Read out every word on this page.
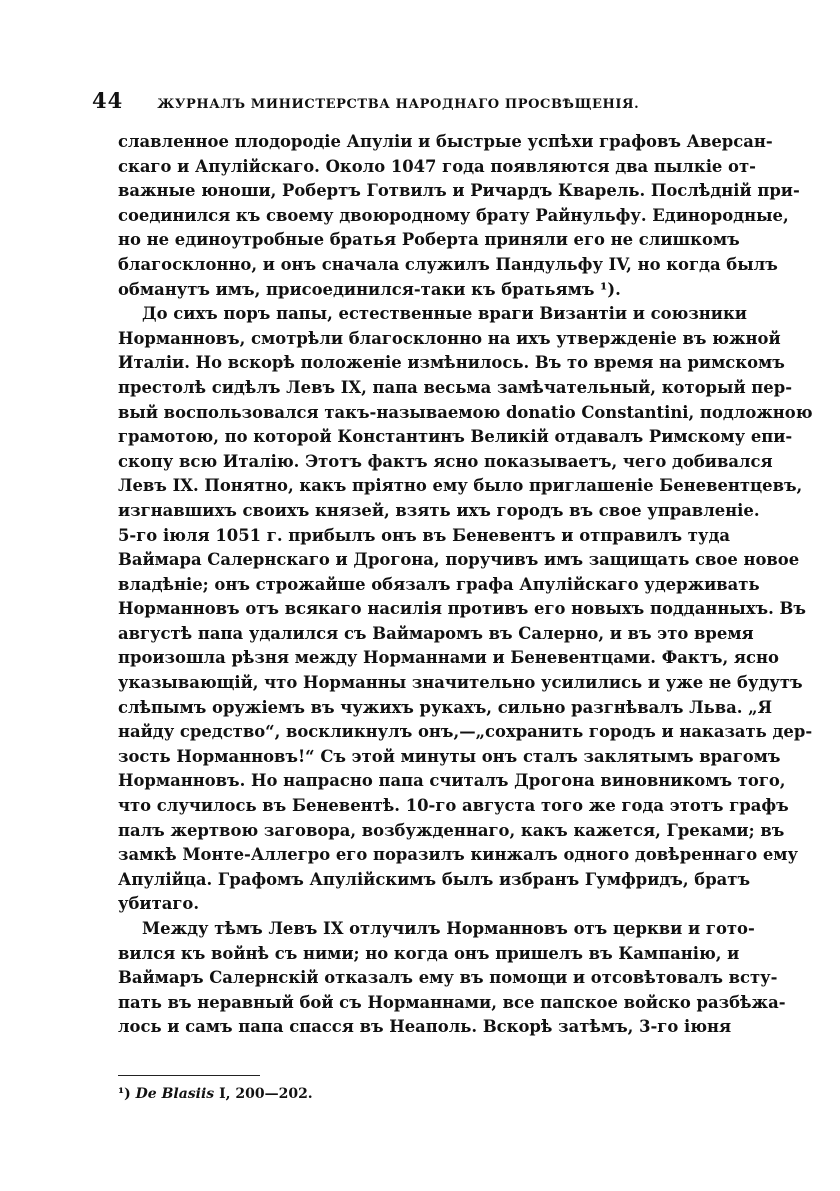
44	ЖУРНАЛЪ МИНИСТЕРСТВА НАРОДНАГО ПРОСВѢЩЕНІЯ.
славленное плодородіе Апуліи и быстрые успѣхи графовъ Аверсан-
скаго и Апулійскаго. Около 1047 года появляются два пылкіе от-
важные юноши, Робертъ Готвилъ и Ричардъ Кварель. Послѣдній при-
соединился къ своему двоюродному брату Райнульфу. Единородные,
но не единоутробные братья Роберта приняли его не слишкомъ
благосклонно, и онъ сначала служилъ Пандульфу IV, но когда былъ
обманутъ имъ, присоединился-таки къ братьямъ ¹).
До сихъ поръ папы, естественные враги Византіи и союзники
Норманновъ, смотрѣли благосклонно на ихъ утвержденіе въ южной
Италіи. Но вскорѣ положеніе измѣнилось. Въ то время на римскомъ
престолѣ сидѣлъ Левъ IX, папа весьма замѣчательный, который пер-
вый воспользовался такъ-называемою donatio Constantini, подложною
грамотою, по которой Константинъ Великій отдавалъ Римскому епи-
скопу всю Италію. Этотъ фактъ ясно показываетъ, чего добивался
Левъ IX. Понятно, какъ пріятно ему было приглашеніе Беневентцевъ,
изгнавшихъ своихъ князей, взять ихъ городъ въ свое управленіе.
5-го іюля 1051 г. прибылъ онъ въ Беневентъ и отправилъ туда
Ваймара Салернскаго и Дрогона, поручивъ имъ защищать свое новое
владѣніе; онъ строжайше обязалъ графа Апулійскаго удерживать
Норманновъ отъ всякаго насилія противъ его новыхъ подданныхъ. Въ
августѣ папа удалился съ Ваймаромъ въ Салерно, и въ это время
произошла рѣзня между Норманнами и Беневентцами. Фактъ, ясно
указывающій, что Норманны значительно усилились и уже не будутъ
слѣпымъ оружіемъ въ чужихъ рукахъ, сильно разгнѣвалъ Льва. „Я
найду средство“, воскликнулъ онъ,—„сохранить городъ и наказать дер-
зость Норманновъ!“ Съ этой минуты онъ сталъ заклятымъ врагомъ
Норманновъ. Но напрасно папа считалъ Дрогона виновникомъ того,
что случилось въ Беневентѣ. 10-го августа того же года этотъ графъ
палъ жертвою заговора, возбужденнаго, какъ кажется, Греками; въ
замкѣ Монте-Аллегро его поразилъ кинжалъ одного довѣреннаго ему
Апулійца. Графомъ Апулійскимъ былъ избранъ Гумфридъ, братъ
убитаго.
Между тѣмъ Левъ IX отлучилъ Норманновъ отъ церкви и гото-
вился къ войнѣ съ ними; но когда онъ пришелъ въ Кампанію, и
Ваймаръ Салернскій отказалъ ему въ помощи и отсовѣтовалъ всту-
пать въ неравный бой съ Норманнами, все папское войско разбѣжа-
лось и самъ папа спасся въ Неаполь. Вскорѣ затѣмъ, 3-го іюня
¹) De Blasiis I, 200—202.
